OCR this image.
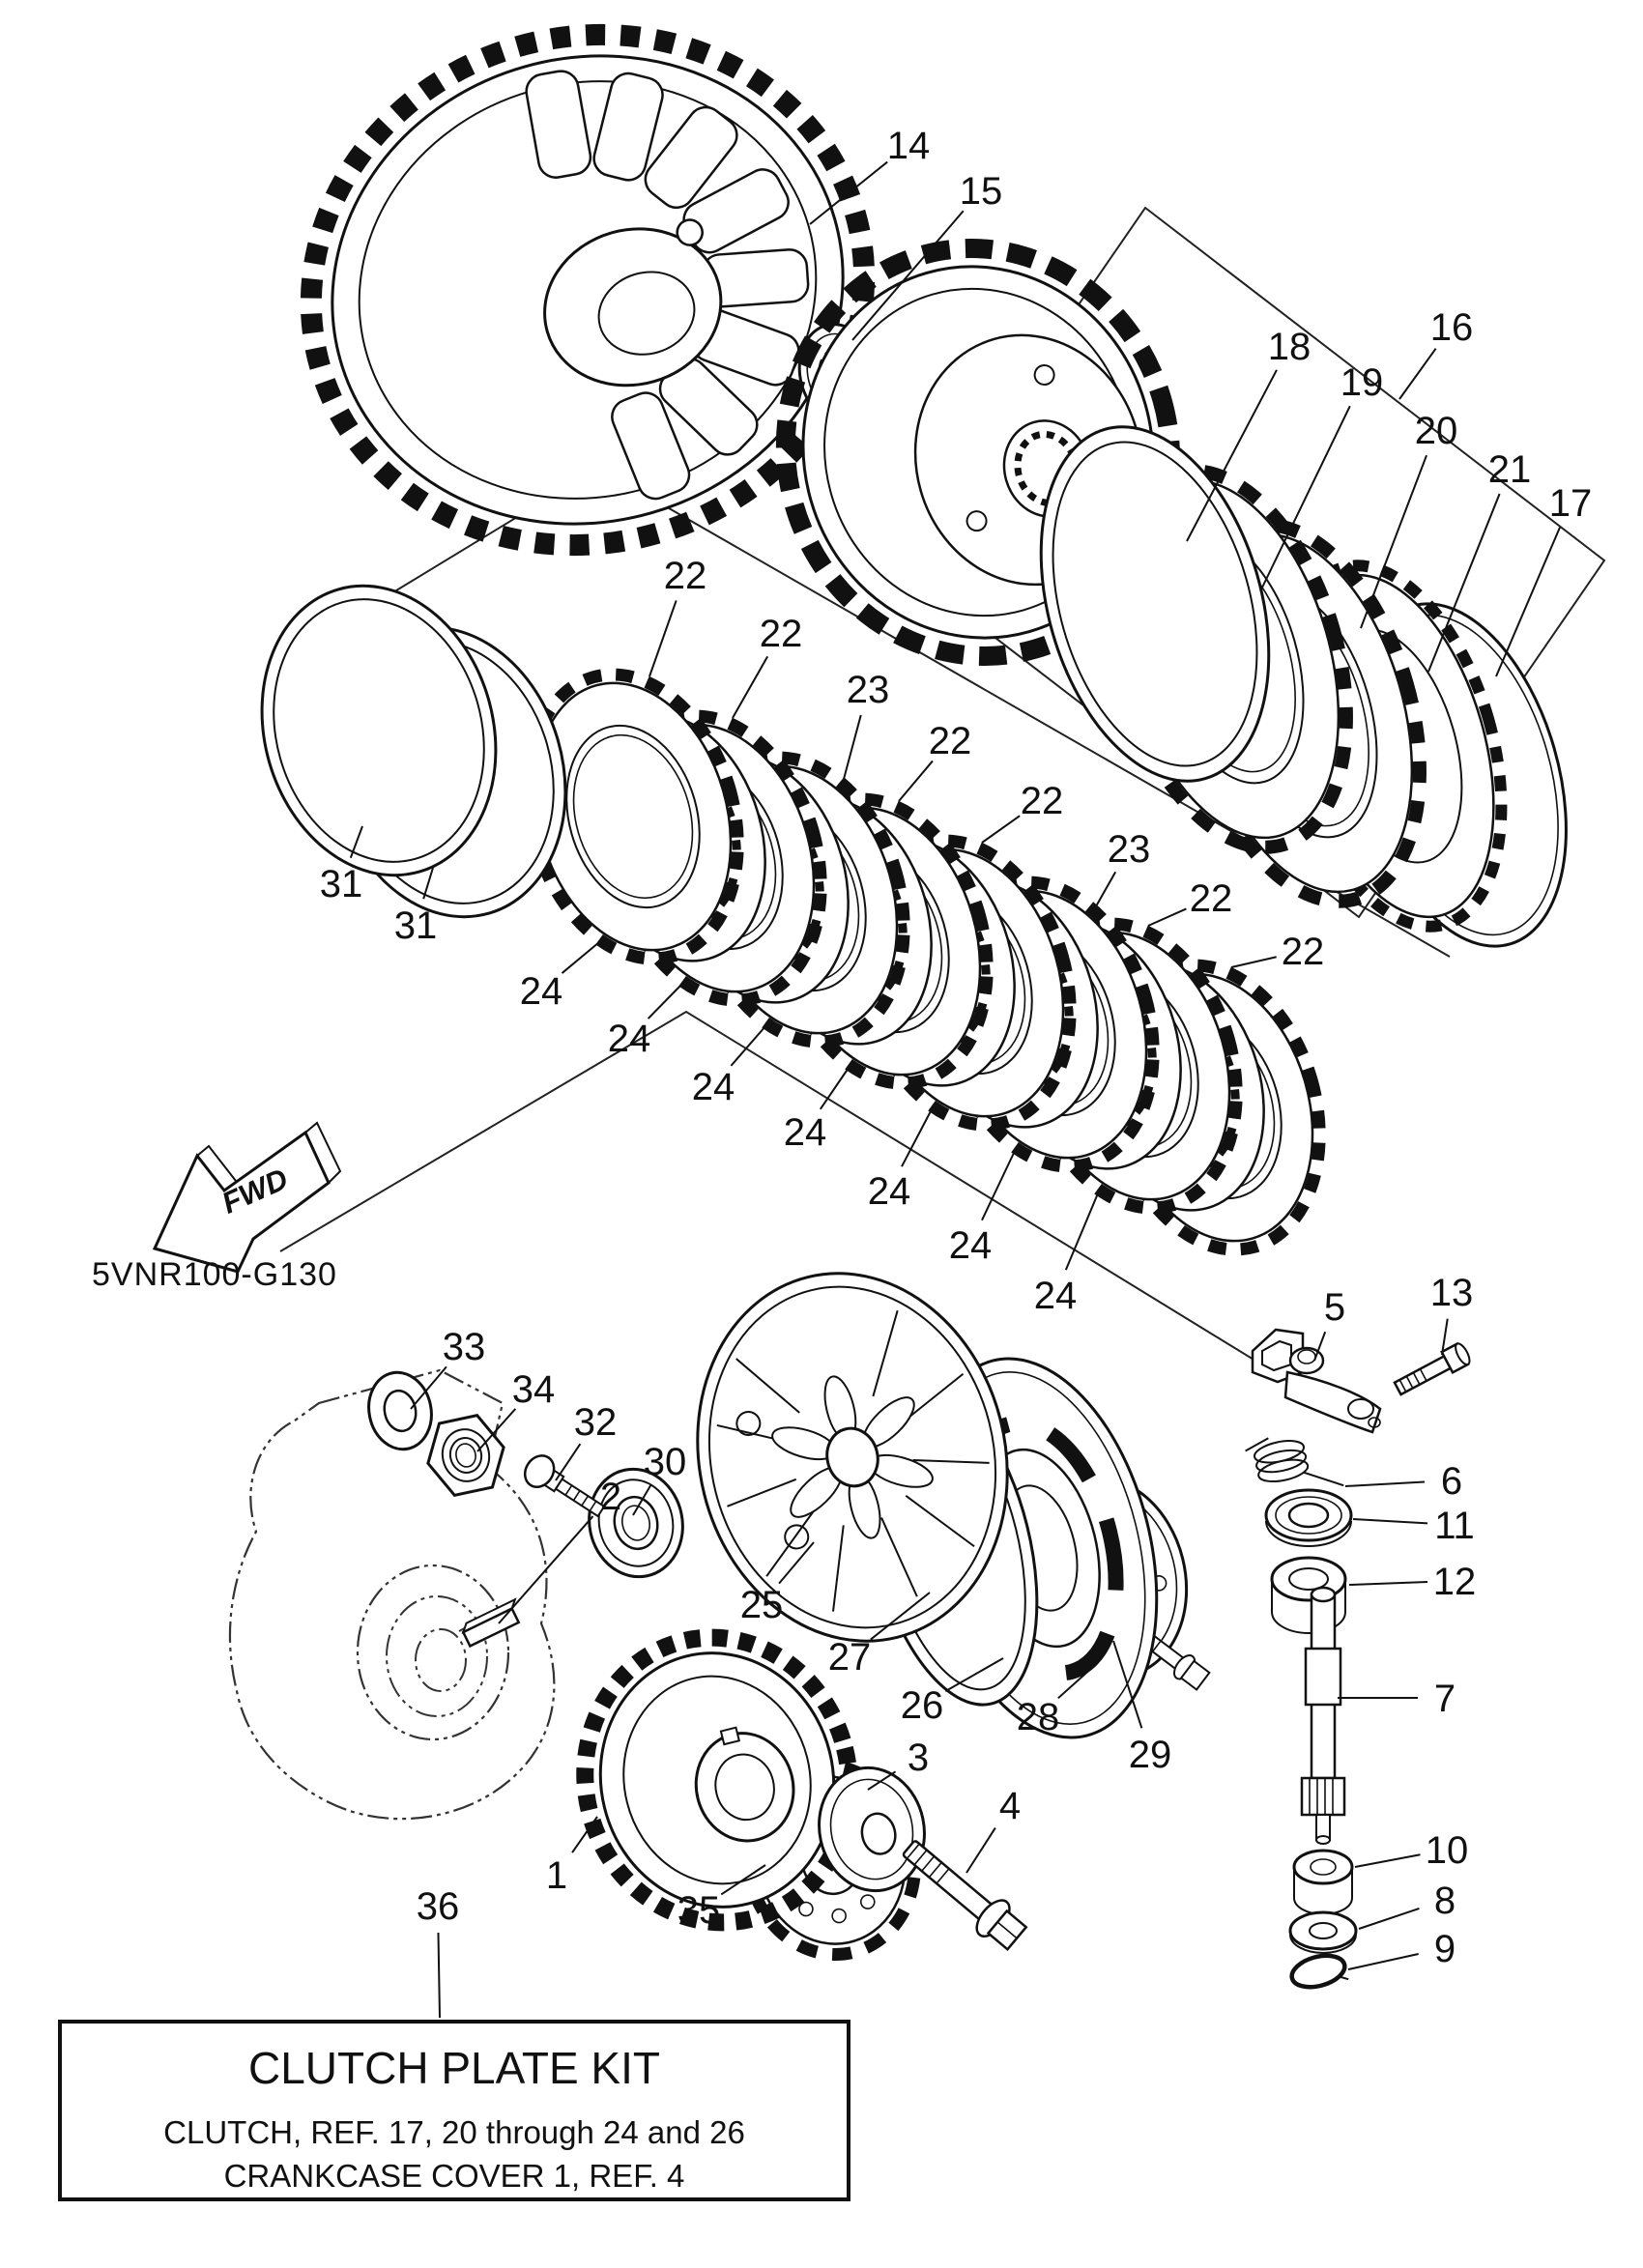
FWD
5VNR100-G130
14
15
18	16
19
20
21
17
22
22
23
22
22
23
22
22
31
31
24
24
24
24
24
24
24
33
34
32
30
2
25
27
26 28
29
1
35
3
4
36
5 13
6
11
12
7
10
8
9
CLUTCH PLATE KIT
CLUTCH, REF. 17, 20 through 24 and 26
CRANKCASE COVER 1, REF. 4
